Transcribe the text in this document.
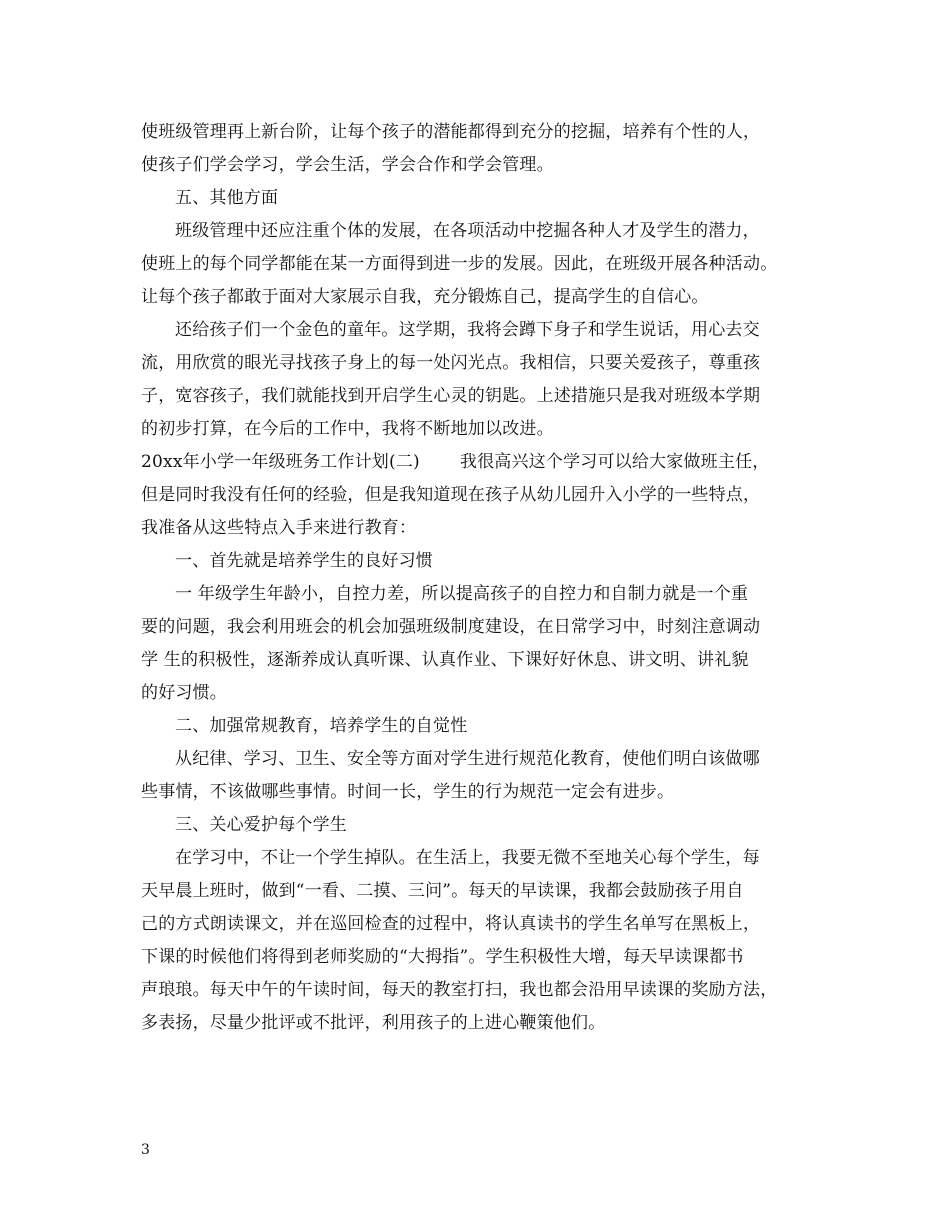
使班级管理再上新台阶，让每个孩子的潜能都得到充分的挖掘，培养有个性的人，
使孩子们学会学习，学会生活，学会合作和学会管理。
五、其他方面
班级管理中还应注重个体的发展，在各项活动中挖掘各种人才及学生的潜力，
使班上的每个同学都能在某一方面得到进一步的发展。因此，在班级开展各种活动。
让每个孩子都敢于面对大家展示自我，充分锻炼自己，提高学生的自信心。
还给孩子们一个金色的童年。这学期，我将会蹲下身子和学生说话，用心去交
流，用欣赏的眼光寻找孩子身上的每一处闪光点。我相信，只要关爱孩子，尊重孩
子，宽容孩子，我们就能找到开启学生心灵的钥匙。上述措施只是我对班级本学期
的初步打算，在今后的工作中，我将不断地加以改进。
20xx年小学一年级班务工作计划(二) 我很高兴这个学习可以给大家做班主任，
但是同时我没有任何的经验，但是我知道现在孩子从幼儿园升入小学的一些特点，
我准备从这些特点入手来进行教育：
一、首先就是培养学生的良好习惯
一 年级学生年龄小，自控力差，所以提高孩子的自控力和自制力就是一个重
要的问题，我会利用班会的机会加强班级制度建设，在日常学习中，时刻注意调动
学 生的积极性，逐渐养成认真听课、认真作业、下课好好休息、讲文明、讲礼貌
的好习惯。
二、加强常规教育，培养学生的自觉性
从纪律、学习、卫生、安全等方面对学生进行规范化教育，使他们明白该做哪
些事情，不该做哪些事情。时间一长，学生的行为规范一定会有进步。
三、关心爱护每个学生
在学习中，不让一个学生掉队。在生活上，我要无微不至地关心每个学生，每
天早晨上班时，做到“一看、二摸、三问”。每天的早读课，我都会鼓励孩子用自
己的方式朗读课文，并在巡回检查的过程中，将认真读书的学生名单写在黑板上，
下课的时候他们将得到老师奖励的“大拇指”。学生积极性大增，每天早读课都书
声琅琅。每天中午的午读时间，每天的教室打扫，我也都会沿用早读课的奖励方法，
多表扬，尽量少批评或不批评，利用孩子的上进心鞭策他们。
3
